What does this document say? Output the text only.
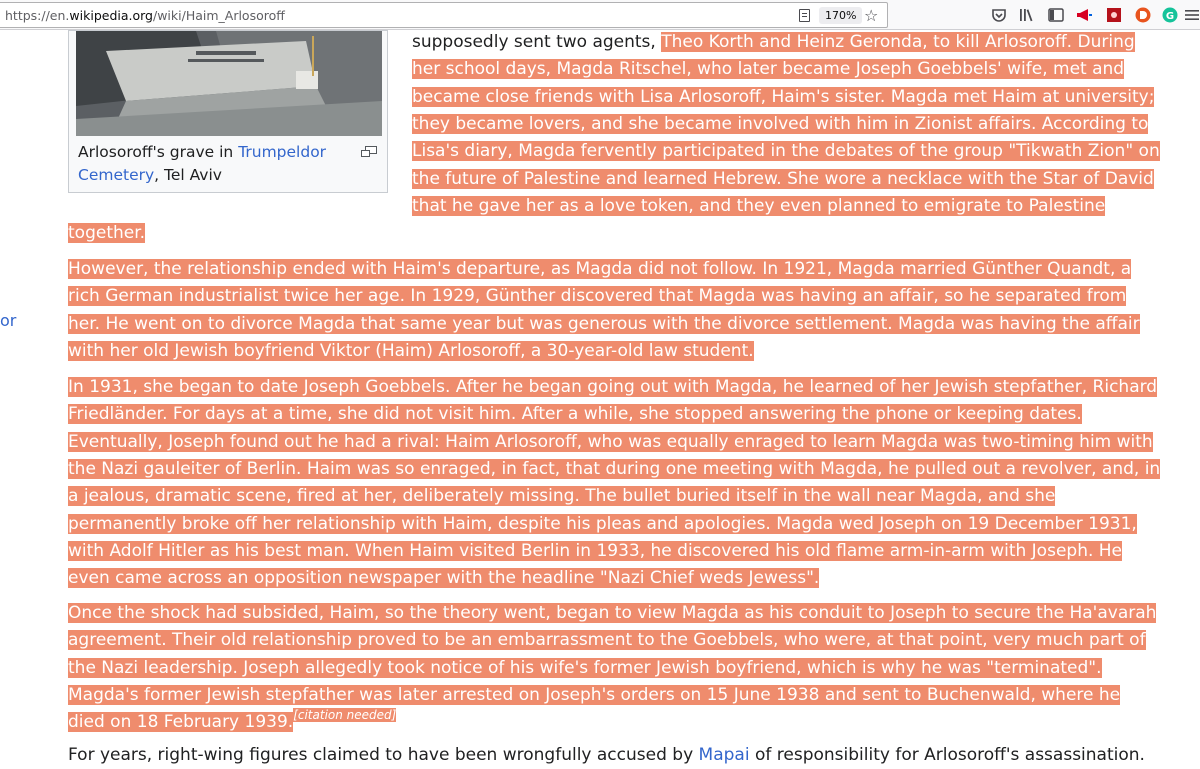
https://en.wikipedia.org/wiki/Haim_Arlosoroff	170% ☆	G
Arlosoroff's grave in Trumpeldor
Cemetery, Tel Aviv
or
supposedly sent two agents, Theo Korth and Heinz Geronda, to kill Arlosoroff. During
her school days, Magda Ritschel, who later became Joseph Goebbels' wife, met and
became close friends with Lisa Arlosoroff, Haim's sister. Magda met Haim at university;
they became lovers, and she became involved with him in Zionist affairs. According to
Lisa's diary, Magda fervently participated in the debates of the group "Tikwath Zion" on
the future of Palestine and learned Hebrew. She wore a necklace with the Star of David
that he gave her as a love token, and they even planned to emigrate to Palestine
together.
However, the relationship ended with Haim's departure, as Magda did not follow. In 1921, Magda married Günther Quandt, a
rich German industrialist twice her age. In 1929, Günther discovered that Magda was having an affair, so he separated from
her. He went on to divorce Magda that same year but was generous with the divorce settlement. Magda was having the affair
with her old Jewish boyfriend Viktor (Haim) Arlosoroff, a 30-year-old law student.
In 1931, she began to date Joseph Goebbels. After he began going out with Magda, he learned of her Jewish stepfather, Richard
Friedländer. For days at a time, she did not visit him. After a while, she stopped answering the phone or keeping dates.
Eventually, Joseph found out he had a rival: Haim Arlosoroff, who was equally enraged to learn Magda was two-timing him with
the Nazi gauleiter of Berlin. Haim was so enraged, in fact, that during one meeting with Magda, he pulled out a revolver, and, in
a jealous, dramatic scene, fired at her, deliberately missing. The bullet buried itself in the wall near Magda, and she
permanently broke off her relationship with Haim, despite his pleas and apologies. Magda wed Joseph on 19 December 1931,
with Adolf Hitler as his best man. When Haim visited Berlin in 1933, he discovered his old flame arm-in-arm with Joseph. He
even came across an opposition newspaper with the headline "Nazi Chief weds Jewess".
Once the shock had subsided, Haim, so the theory went, began to view Magda as his conduit to Joseph to secure the Ha'avarah
agreement. Their old relationship proved to be an embarrassment to the Goebbels, who were, at that point, very much part of
the Nazi leadership. Joseph allegedly took notice of his wife's former Jewish boyfriend, which is why he was "terminated".
Magda's former Jewish stepfather was later arrested on Joseph's orders on 15 June 1938 and sent to Buchenwald, where he
died on 18 February 1939.[citation needed]
For years, right-wing figures claimed to have been wrongfully accused by Mapai of responsibility for Arlosoroff's assassination.
